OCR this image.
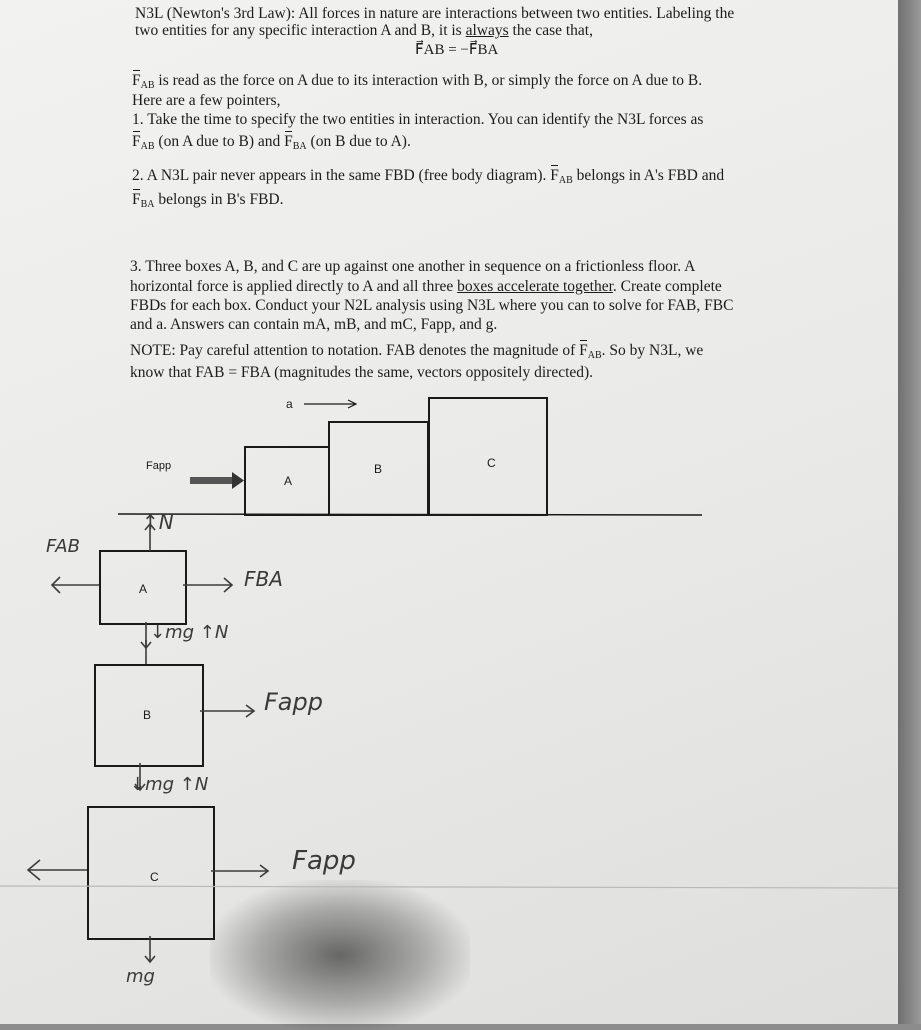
N3L (Newton's 3rd Law): All forces in nature are interactions between two entities. Labeling the
two entities for any specific interaction A and B, it is always the case that,
F⃗AB = −F⃗BA
$F_{AB}$ is read as the force on A due to its interaction with B, or simply the force on A due to B.
Here are a few pointers,
1. Take the time to specify the two entities in interaction. You can identify the N3L forces as
$F_{AB}$ (on A due to B) and $F_{BA}$ (on B due to A).
2. A N3L pair never appears in the same FBD (free body diagram). $F_{AB}$ belongs in A's FBD and
$F_{BA}$ belongs in B's FBD.
3. Three boxes A, B, and C are up against one another in sequence on a frictionless floor. A
horizontal force is applied directly to A and all three boxes accelerate together. Create complete
FBDs for each box. Conduct your N2L analysis using N3L where you can to solve for FAB, FBC
and a. Answers can contain mA, mB, and mC, Fapp, and g.
NOTE: Pay careful attention to notation. FAB denotes the magnitude of $F_{AB}$. So by N3L, we
know that FAB = FBA (magnitudes the same, vectors oppositely directed).
a
Fapp
A
B	C
A
B
C
FAB
↑N
FBA
↓mg ↑N
Fapp
↓mg ↑N
Fapp
mg
